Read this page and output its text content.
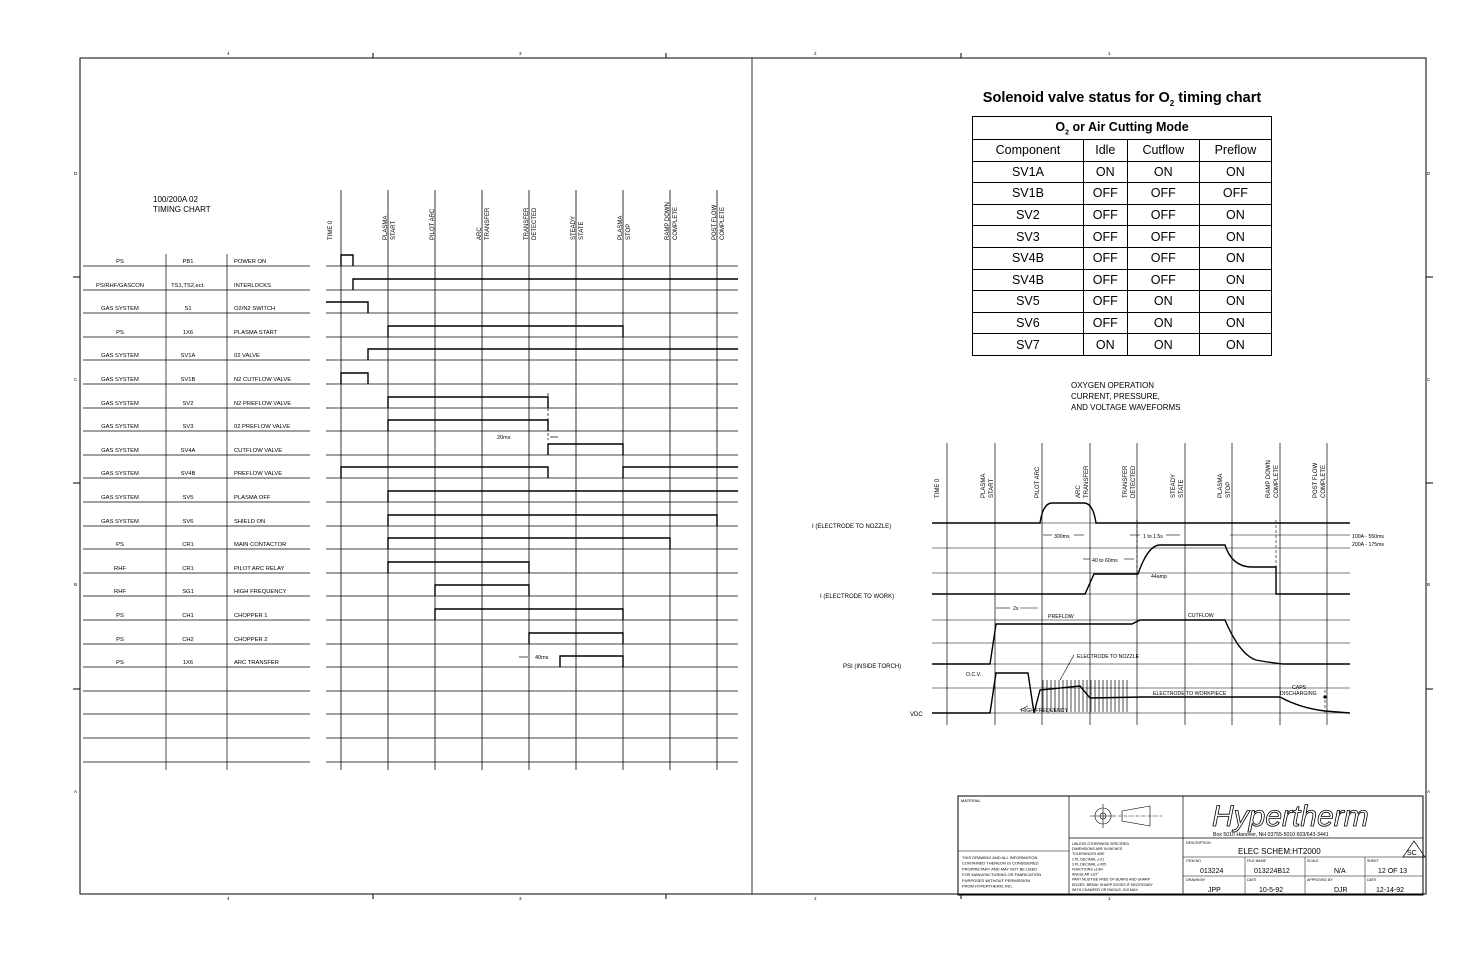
4
4
3
3
2
2
1
1
D	D
C	C
B	B
A	A
100/200A 02
TIMING CHART
TIME 0	PLASMA START	PILOT ARC	ARC TRANSFER	TRANSFER DETECTED	STEADY STATE	PLASMA STOP	RAMP DOWN COMPLETE	POST FLOW COMPLETE
PS	PB1	POWER ON
PS/RHF/GASCON	TS1,TS2,ect.	INTERLOCKS
GAS SYSTEM	S1	O2/N2 SWITCH
PS	1X6	PLASMA START
GAS SYSTEM	SV1A	02 VALVE
GAS SYSTEM	SV1B	N2 CUTFLOW VALVE
GAS SYSTEM	SV2	N2 PREFLOW VALVE
GAS SYSTEM	SV3	02 PREFLOW VALVE
GAS SYSTEM	SV4A	CUTFLOW VALVE
GAS SYSTEM	SV4B	PREFLOW VALVE
GAS SYSTEM	SV5	PLASMA OFF
GAS SYSTEM	SV6	SHIELD ON
PS	CR1	MAIN CONTACTOR
RHF	CR1	PILOT ARC RELAY
RHF	SG1	HIGH FREQUENCY
PS	CH1	CHOPPER 1
PS	CH2	CHOPPER 2
PS	1X6	ARC TRANSFER
20ms
40ms
OXYGEN OPERATION
CURRENT, PRESSURE,
AND VOLTAGE WAVEFORMS
TIME 0	PLASMA START	PILOT ARC	ARC TRANSFER	TRANSFER DETECTED	STEADY STATE	PLASMA STOP	RAMP DOWN COMPLETE	POST FLOW COMPLETE
I (ELECTRODE TO NOZZLE)
I (ELECTRODE TO WORK)
PSI (INSIDE TORCH)
VDC
300ms	1 to 1.5s
40 to 60ms
44amp
100A - 550ms
200A - 175ms
2s
PREFLOW	CUTFLOW
O.C.V.
ELECTRODE TO NOZZLE
ELECTRODE TO WORKPIECE
CAPS
DISCHARGING
HIGH FREQUENCY
MATERIAL	Hypertherm
Box 5010 Hanover, NH 03755-5010 603/643-3441
UNLESS OTHERWISE SPECIFIED
DIMENSIONS ARE IN INCHES
TOLERANCES ARE
2 PL DECIMAL ±.01
3 PL DECIMAL ±.005
FRACTIONS ±1/64
ANGULAR ±1/2°
PART MUST BE FREE OF BURRS AND SHARP
EDGES. BREAK SHARP EDGES IF NECESSARY
WITH CHAMFER OR RADIUS .015 MAX.
THIS DRAWING AND ALL INFORMATION
CONTAINED THEREON IS CONSIDERED
PROPRIETARY AND MAY NOT BE USED
FOR MANUFACTURING OR FABRICATION
PURPOSES WITHOUT PERMISSION
FROM HYPERTHERM, INC.
DESCRIPTION
ELEC SCHEM:HT2000	SC
ITEM NO
013224
FILE NAME
013224B12
SCALE
N/A
SHEET
12 OF 13
DRAWN BY
JPP
DATE
10-5-92
APPROVED BY
DJR
DATE
12-14-92
Solenoid valve status for $O_2$ timing chart
$O_2$ or Air Cutting Mode			
Component	Idle	Cutflow	Preflow
SV1A	ON	ON	ON
SV1B	OFF	OFF	OFF
SV2	OFF	OFF	ON
SV3	OFF	OFF	ON
SV4B	OFF	OFF	ON
SV4B	OFF	OFF	ON
SV5	OFF	ON	ON
SV6	OFF	ON	ON
SV7	ON	ON	ON
